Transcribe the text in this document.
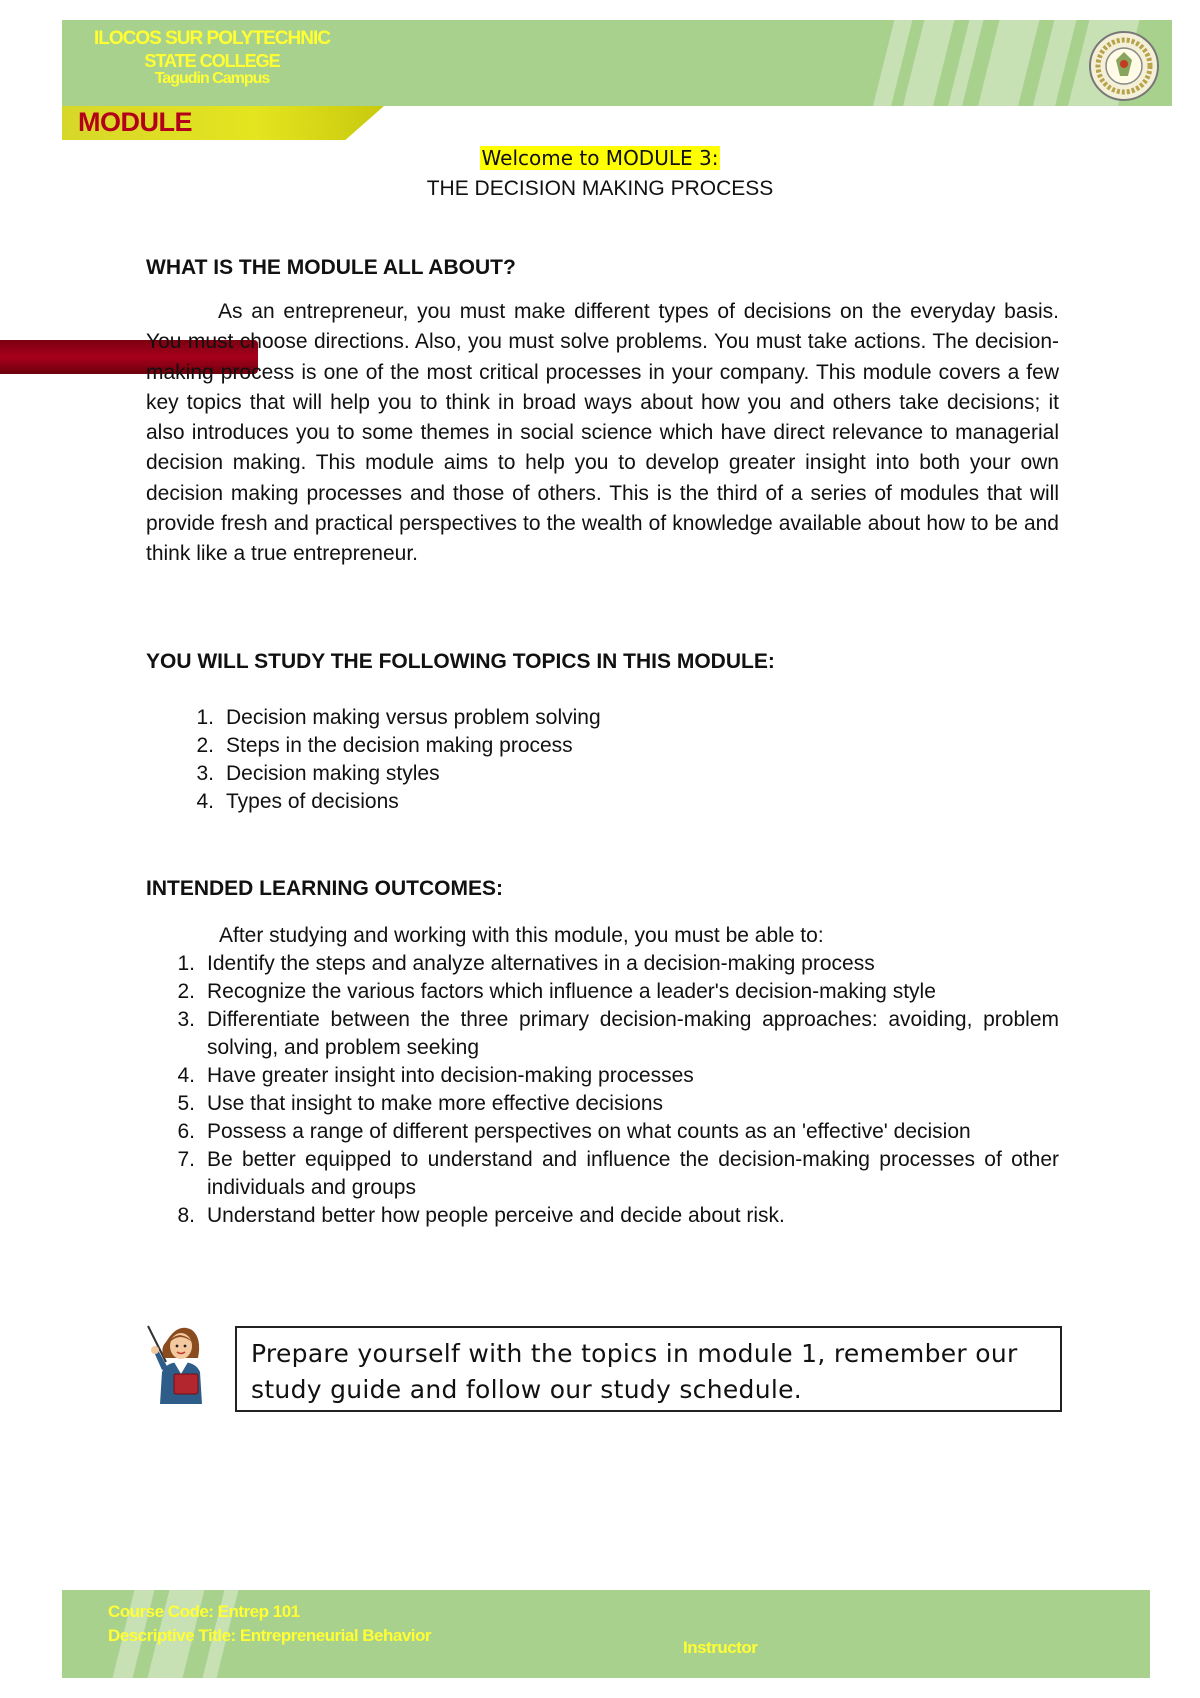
ILOCOS SUR POLYTECHNIC
STATE COLLEGE
Tagudin Campus
MODULE
Welcome to MODULE 3:
THE DECISION MAKING PROCESS
WHAT IS THE MODULE ALL ABOUT?
As an entrepreneur, you must make different types of decisions on the everyday basis. You must choose directions. Also, you must solve problems. You must take actions. The decision-making process is one of the most critical processes in your company. This module covers a few key topics that will help you to think in broad ways about how you and others take decisions; it also introduces you to some themes in social science which have direct relevance to managerial decision making. This module aims to help you to develop greater insight into both your own decision making processes and those of others. This is the third of a series of modules that will provide fresh and practical perspectives to the wealth of knowledge available about how to be and think like a true entrepreneur.
YOU WILL STUDY THE FOLLOWING TOPICS IN THIS MODULE:
1. Decision making versus problem solving
2. Steps in the decision making process
3. Decision making styles
4. Types of decisions
INTENDED LEARNING OUTCOMES:
After studying and working with this module, you must be able to:
1. Identify the steps and analyze alternatives in a decision-making process
2. Recognize the various factors which influence a leader's decision-making style
3. Differentiate between the three primary decision-making approaches: avoiding, problem solving, and problem seeking
4. Have greater insight into decision-making processes
5. Use that insight to make more effective decisions
6. Possess a range of different perspectives on what counts as an 'effective' decision
7. Be better equipped to understand and influence the decision-making processes of other individuals and groups
8. Understand better how people perceive and decide about risk.
Prepare yourself with the topics in module 1, remember our study guide and follow our study schedule.
Course Code: Entrep 101
Descriptive Title: Entrepreneurial Behavior
Instructor
